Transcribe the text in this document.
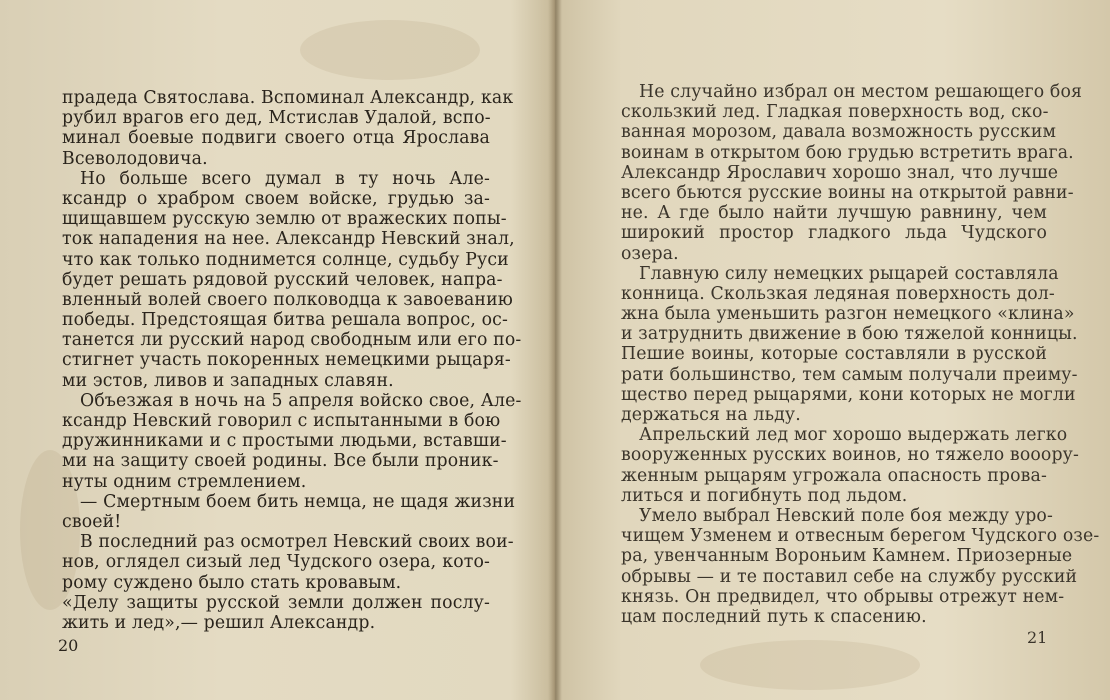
прадеда Святослава. Вспоминал Александр, как
рубил врагов его дед, Мстислав Удалой, вспо-
минал боевые подвиги своего отца Ярослава
Всеволодовича.
Но больше всего думал в ту ночь Але-
ксандр о храбром своем войске, грудью за-
щищавшем русскую землю от вражеских попы-
ток нападения на нее. Александр Невский знал,
что как только поднимется солнце, судьбу Руси
будет решать рядовой русский человек, напра-
вленный волей своего полководца к завоеванию
победы. Предстоящая битва решала вопрос, ос-
танется ли русский народ свободным или его по-
стигнет участь покоренных немецкими рыцаря-
ми эстов, ливов и западных славян.
Объезжая в ночь на 5 апреля войско свое, Але-
ксандр Невский говорил с испытанными в бою
дружинниками и с простыми людьми, вставши-
ми на защиту своей родины. Все были проник-
нуты одним стремлением.
— Смертным боем бить немца, не щадя жизни
своей!
В последний раз осмотрел Невский своих вои-
нов, оглядел сизый лед Чудского озера, кото-
рому суждено было стать кровавым.
«Делу защиты русской земли должен послу-
жить и лед»,— решил Александр.
20
Не случайно избрал он местом решающего боя
скользкий лед. Гладкая поверхность вод, ско-
ванная морозом, давала возможность русским
воинам в открытом бою грудью встретить врага.
Александр Ярославич хорошо знал, что лучше
всего бьются русские воины на открытой равни-
не. А где было найти лучшую равнину, чем
широкий простор гладкого льда Чудского
озера.
Главную силу немецких рыцарей составляла
конница. Скользкая ледяная поверхность дол-
жна была уменьшить разгон немецкого «клина»
и затруднить движение в бою тяжелой конницы.
Пешие воины, которые составляли в русской
рати большинство, тем самым получали преиму-
щество перед рыцарями, кони которых не могли
держаться на льду.
Апрельский лед мог хорошо выдержать легко
вооруженных русских воинов, но тяжело вооору-
женным рыцарям угрожала опасность прова-
литься и погибнуть под льдом.
Умело выбрал Невский поле боя между уро-
чищем Узменем и отвесным берегом Чудского озе-
ра, увенчанным Вороньим Камнем. Приозерные
обрывы — и те поставил себе на службу русский
князь. Он предвидел, что обрывы отрежут нем-
цам последний путь к спасению.
21
